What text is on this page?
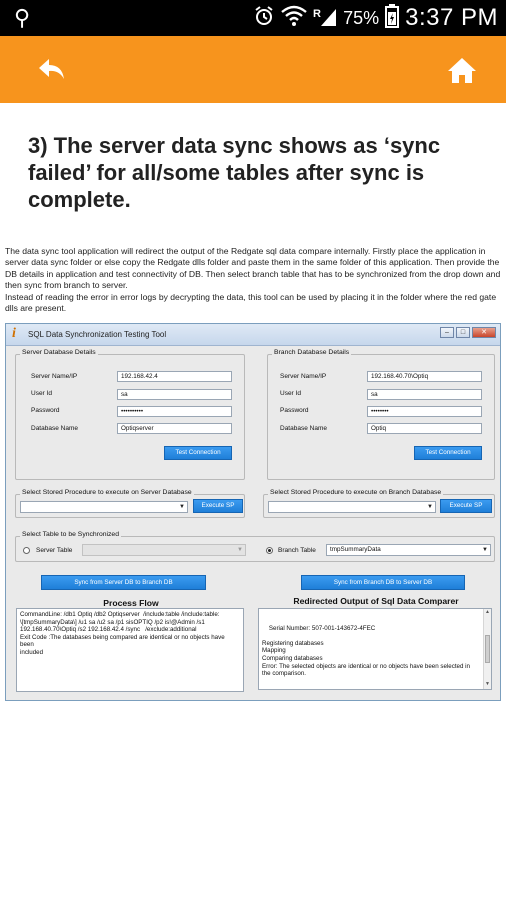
⚲	R 75% 3:37 PM
3) The server data sync shows as ‘sync failed’ for all/some tables after sync is complete.
The data sync tool application will redirect the output of the Redgate sql data compare internally. Firstly place the application in server data sync folder or else copy the Redgate dlls folder and paste them in the same folder of this application. Then provide the DB details in application and test connectivity of DB. Then select branch table that has to be synchronized from the drop down and then sync from branch to server.
Instead of reading the error in error logs by decrypting the data, this tool can be used by placing it in the folder where the red gate dlls are present.
i SQL Data Synchronization Testing Tool	–	□	✕
Server Database Details
Server Name/IP	192.168.42.4
User Id	sa
Password	••••••••••
Database Name	Optiqserver
Test Connection
Branch Database Details
Server Name/IP	192.168.40.70\Optiq
User Id	sa
Password	••••••••
Database Name	Optiq
Test Connection
Select Stored Procedure to execute on Server Database
▼	Execute SP
Select Stored Procedure to execute on Branch Database
▼	Execute SP
Select Table to be Synchronized
Server Table	▼	Branch Table	tmpSummaryData	▼
Sync from Server DB to Branch DB	Sync from Branch DB to Server DB
Process Flow	Redirected Output of Sql Data Comparer
CommandLine: /db1 Optiq /db2 Optiqserver  /include:table /include:table:
\[tmpSummaryData\] /u1 sa /u2 sa /p1 sisOPTIQ /p2 is!@Admin /s1
192.168.40.70\Optiq /s2 192.168.42.4 /sync   /exclude:additional
Exit Code :The databases being compared are identical or no objects have been
included

Serial Number: 507-001-143672-4FEC

Registering databases
Mapping
Comparing databases
Error: The selected objects are identical or no objects have been selected in
the comparison.

▲

▼
